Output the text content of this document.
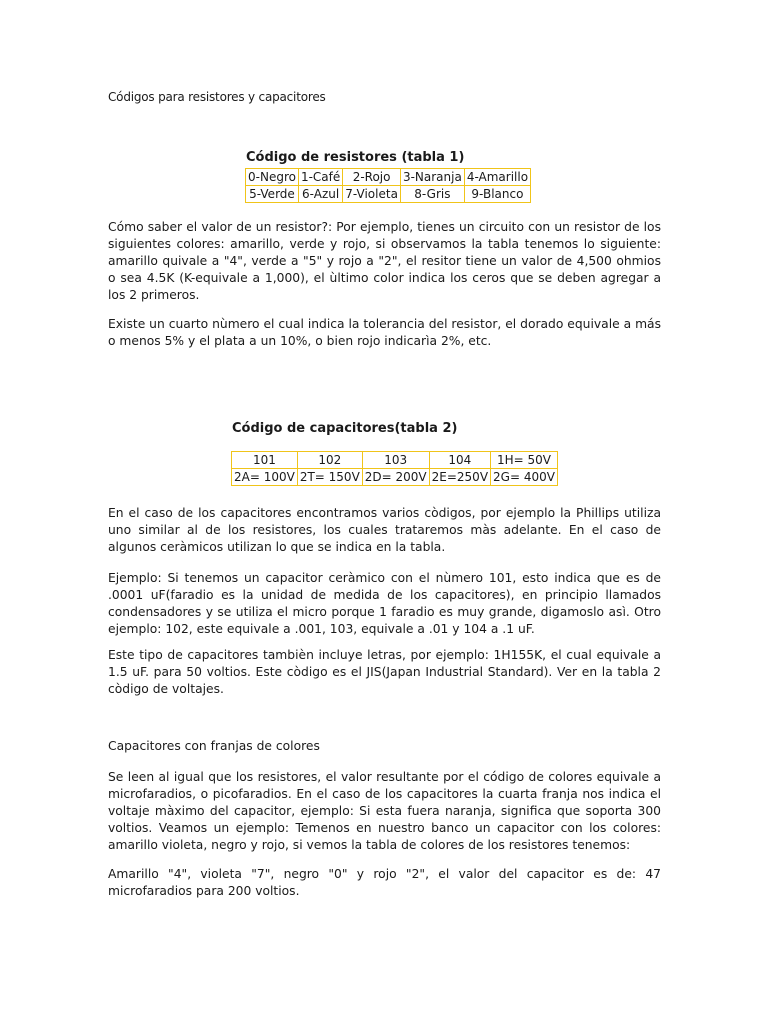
Códigos para resistores y capacitores
Código de resistores (tabla 1)
0-Negro	1-Café	2-Rojo	3-Naranja	4-Amarillo
5-Verde	6-Azul	7-Violeta	8-Gris	9-Blanco

Cómo saber el valor de un resistor?: Por ejemplo, tienes un circuito con un resistor de los siguientes colores: amarillo, verde y rojo, si observamos la tabla tenemos lo siguiente: amarillo quivale a "4", verde a "5" y rojo a "2", el resitor tiene un valor de 4,500 ohmios o sea 4.5K (K-equivale a 1,000), el ùltimo color indica los ceros que se deben agregar a los 2 primeros.

Existe un cuarto nùmero el cual indica la tolerancia del resistor, el dorado equivale a más o menos 5% y el plata a un 10%, o bien rojo indicarìa 2%, etc.

Código de capacitores(tabla 2)
101	102	103	104	1H= 50V
2A= 100V	2T= 150V	2D= 200V	2E=250V	2G= 400V

En el caso de los capacitores encontramos varios còdigos, por ejemplo la Phillips utiliza uno similar al de los resistores, los cuales trataremos màs adelante. En el caso de algunos ceràmicos utilizan lo que se indica en la tabla.

Ejemplo: Si tenemos un capacitor ceràmico con el nùmero 101, esto indica que es de .0001 uF(faradio es la unidad de medida de los capacitores), en principio llamados condensadores y se utiliza el micro porque 1 faradio es muy grande, digamoslo asì. Otro ejemplo: 102, este equivale a .001, 103, equivale a .01 y 104 a .1 uF.

Este tipo de capacitores tambièn incluye letras, por ejemplo: 1H155K, el cual equivale a 1.5 uF. para 50 voltios. Este còdigo es el JIS(Japan Industrial Standard). Ver en la tabla 2 còdigo de voltajes.

Capacitores con franjas de colores

Se leen al igual que los resistores, el valor resultante por el código de colores equivale a microfaradios, o picofaradios. En el caso de los capacitores la cuarta franja nos indica el voltaje màximo del capacitor, ejemplo: Si esta fuera naranja, significa que soporta 300 voltios. Veamos un ejemplo: Temenos en nuestro banco un capacitor con los colores: amarillo violeta, negro y rojo, si vemos la tabla de colores de los resistores tenemos:

Amarillo "4", violeta "7", negro "0" y rojo "2", el valor del capacitor es de: 47 microfaradios para 200 voltios.
